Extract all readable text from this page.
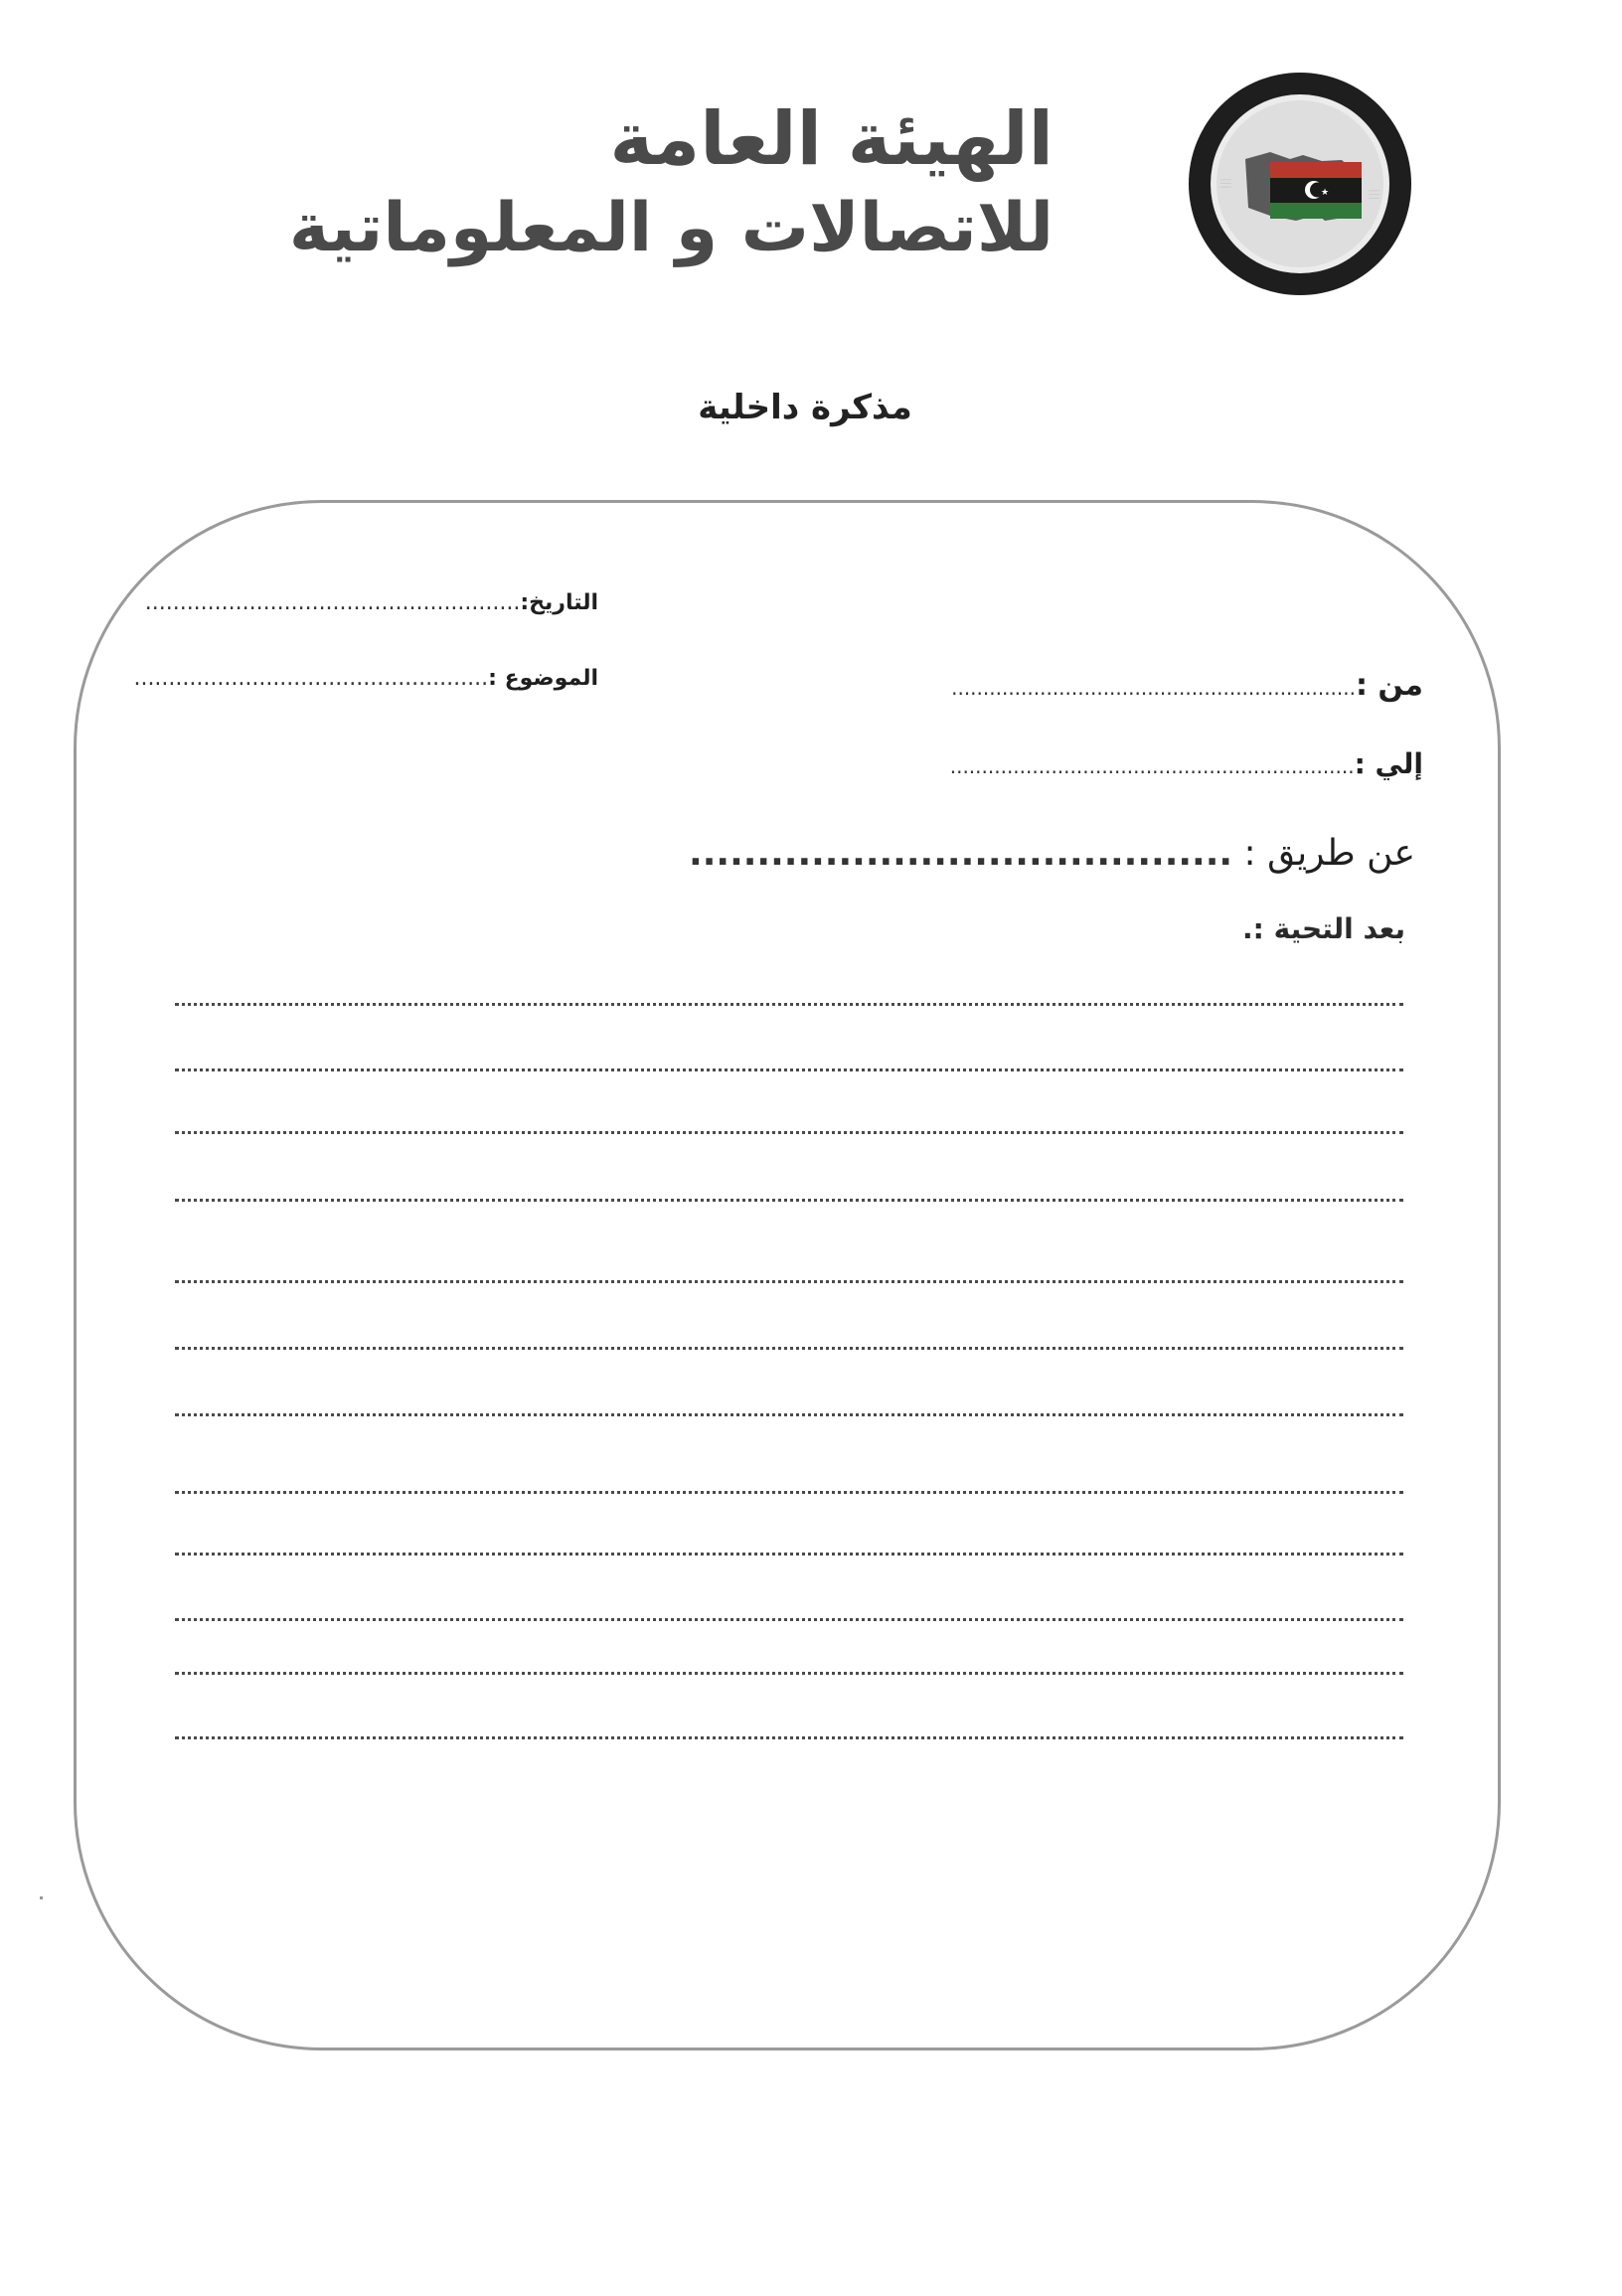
الهيئة العامة
للاتصالات و المعلوماتية
|||
|||
★
مذكرة داخلية
التاريخ:......................................................
الموضوع :...................................................	من :................................................................
إلي :................................................................
عن طريق : ........................................
بعد التحية :.
